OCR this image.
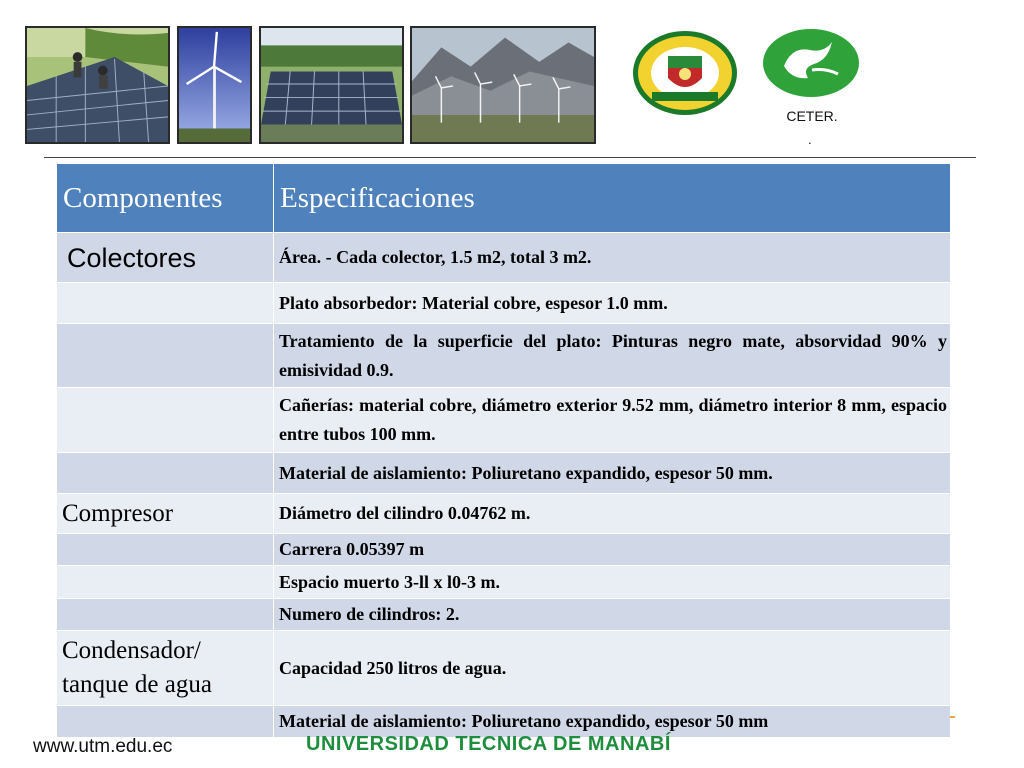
CETER.
.
Componentes	Especificaciones
Colectores	Área. - Cada colector, 1.5 m2, total 3 m2.
	Plato absorbedor: Material cobre, espesor 1.0 mm.
	Tratamiento de la superficie del plato: Pinturas negro mate, absorvidad 90% y emisividad 0.9.
	Cañerías: material cobre, diámetro exterior 9.52 mm, diámetro interior 8 mm, espacio entre tubos 100 mm.
	Material de aislamiento: Poliuretano expandido, espesor 50 mm.
Compresor	Diámetro del cilindro 0.04762 m.
	Carrera 0.05397 m
	Espacio muerto 3-ll x l0-3 m.
	Numero de cilindros: 2.
Condensador/ tanque de agua	Capacidad 250 litros de agua.
	Material de aislamiento: Poliuretano expandido, espesor 50 mm
www.utm.edu.ec	UNIVERSIDAD TECNICA DE MANABÍ
